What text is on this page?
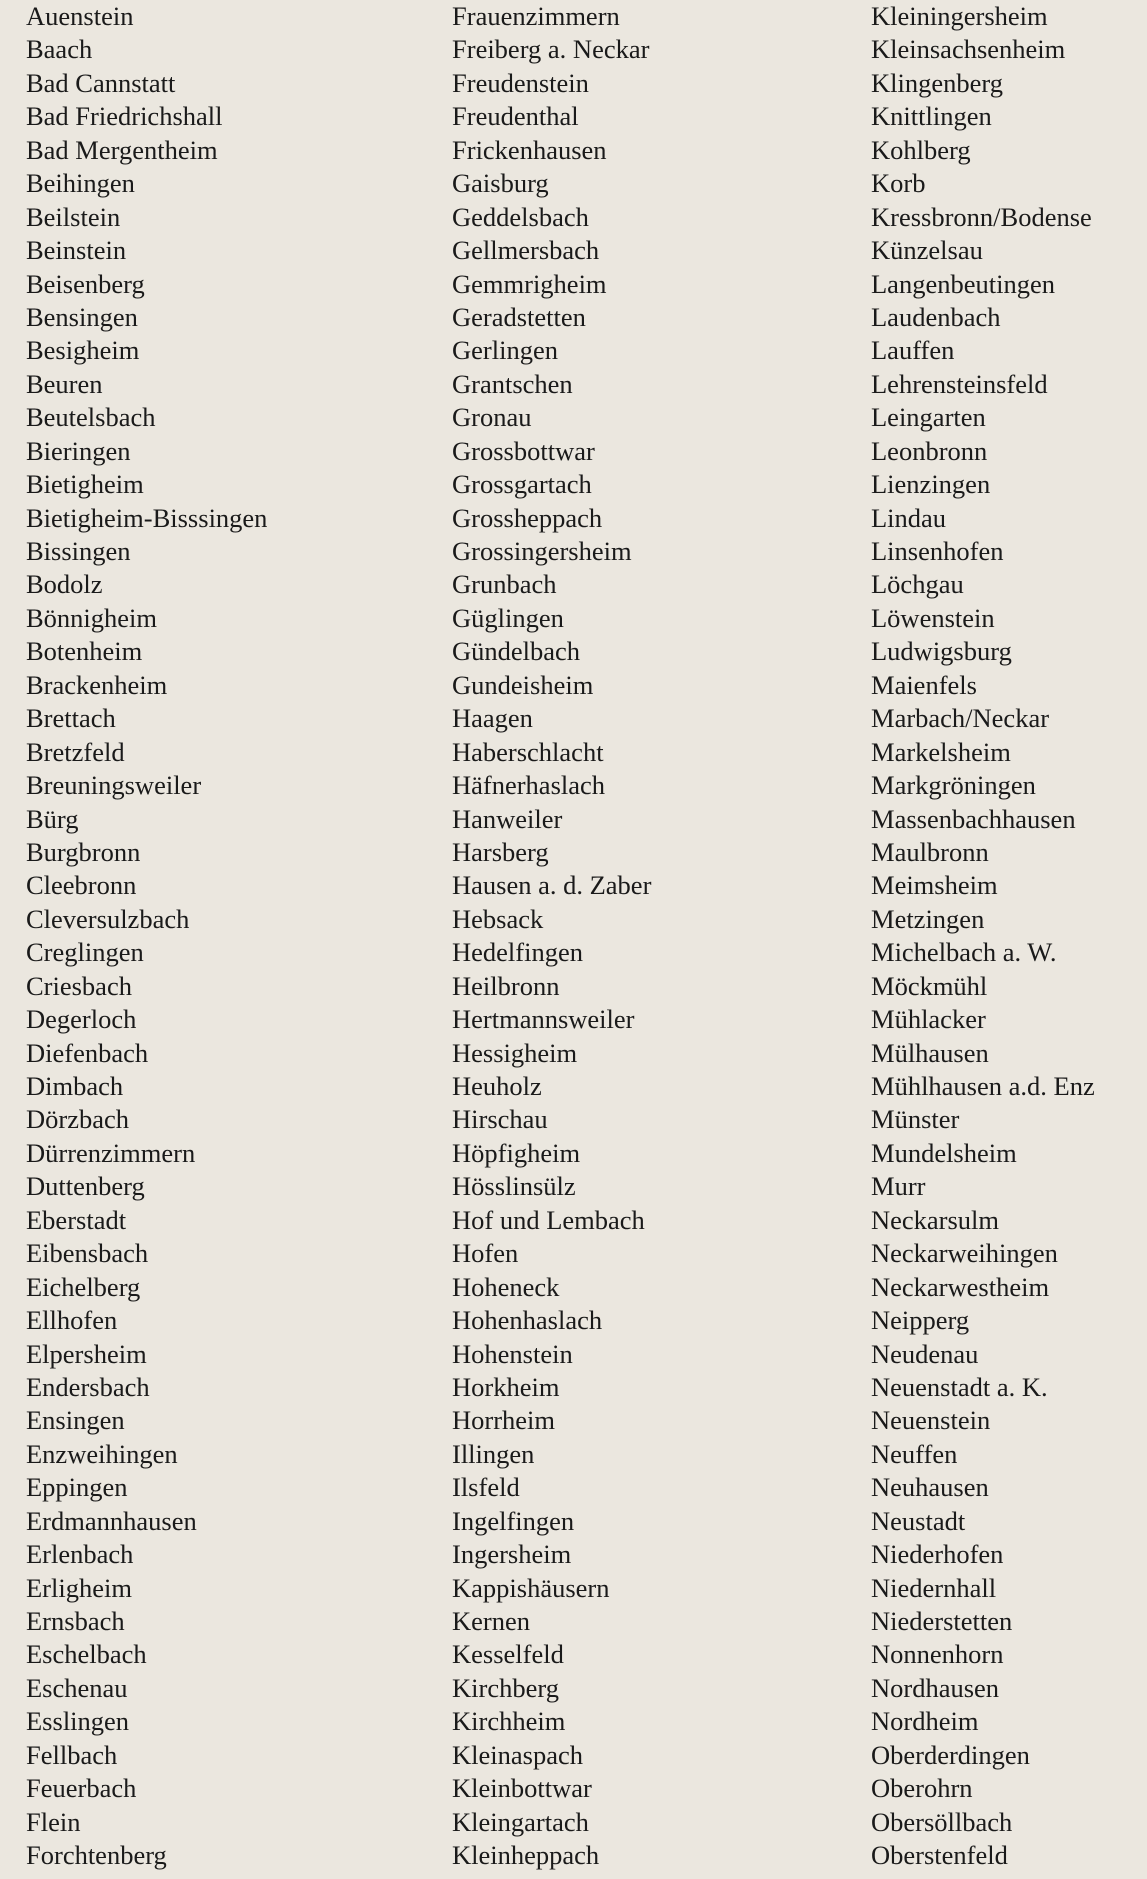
Auenstein
Baach
Bad Cannstatt
Bad Friedrichshall
Bad Mergentheim
Beihingen
Beilstein
Beinstein
Beisenberg
Bensingen
Besigheim
Beuren
Beutelsbach
Bieringen
Bietigheim
Bietigheim-Bisssingen
Bissingen
Bodolz
Bönnigheim
Botenheim
Brackenheim
Brettach
Bretzfeld
Breuningsweiler
Bürg
Burgbronn
Cleebronn
Cleversulzbach
Creglingen
Criesbach
Degerloch
Diefenbach
Dimbach
Dörzbach
Dürrenzimmern
Duttenberg
Eberstadt
Eibensbach
Eichelberg
Ellhofen
Elpersheim
Endersbach
Ensingen
Enzweihingen
Eppingen
Erdmannhausen
Erlenbach
Erligheim
Ernsbach
Eschelbach
Eschenau
Esslingen
Fellbach
Feuerbach
Flein
Forchtenberg
Frauenzimmern
Freiberg a. Neckar
Freudenstein
Freudenthal
Frickenhausen
Gaisburg
Geddelsbach
Gellmersbach
Gemmrigheim
Geradstetten
Gerlingen
Grantschen
Gronau
Grossbottwar
Grossgartach
Grossheppach
Grossingersheim
Grunbach
Güglingen
Gündelbach
Gundeisheim
Haagen
Haberschlacht
Häfnerhaslach
Hanweiler
Harsberg
Hausen a. d. Zaber
Hebsack
Hedelfingen
Heilbronn
Hertmannsweiler
Hessigheim
Heuholz
Hirschau
Höpfigheim
Hösslinsülz
Hof und Lembach
Hofen
Hoheneck
Hohenhaslach
Hohenstein
Horkheim
Horrheim
Illingen
Ilsfeld
Ingelfingen
Ingersheim
Kappishäusern
Kernen
Kesselfeld
Kirchberg
Kirchheim
Kleinaspach
Kleinbottwar
Kleingartach
Kleinheppach
Kleiningersheim
Kleinsachsenheim
Klingenberg
Knittlingen
Kohlberg
Korb
Kressbronn/Bodense
Künzelsau
Langenbeutingen
Laudenbach
Lauffen
Lehrensteinsfeld
Leingarten
Leonbronn
Lienzingen
Lindau
Linsenhofen
Löchgau
Löwenstein
Ludwigsburg
Maienfels
Marbach/Neckar
Markelsheim
Markgröningen
Massenbachhausen
Maulbronn
Meimsheim
Metzingen
Michelbach a. W.
Möckmühl
Mühlacker
Mülhausen
Mühlhausen a.d. Enz
Münster
Mundelsheim
Murr
Neckarsulm
Neckarweihingen
Neckarwestheim
Neipperg
Neudenau
Neuenstadt a. K.
Neuenstein
Neuffen
Neuhausen
Neustadt
Niederhofen
Niedernhall
Niederstetten
Nonnenhorn
Nordhausen
Nordheim
Oberderdingen
Oberohrn
Obersöllbach
Oberstenfeld
